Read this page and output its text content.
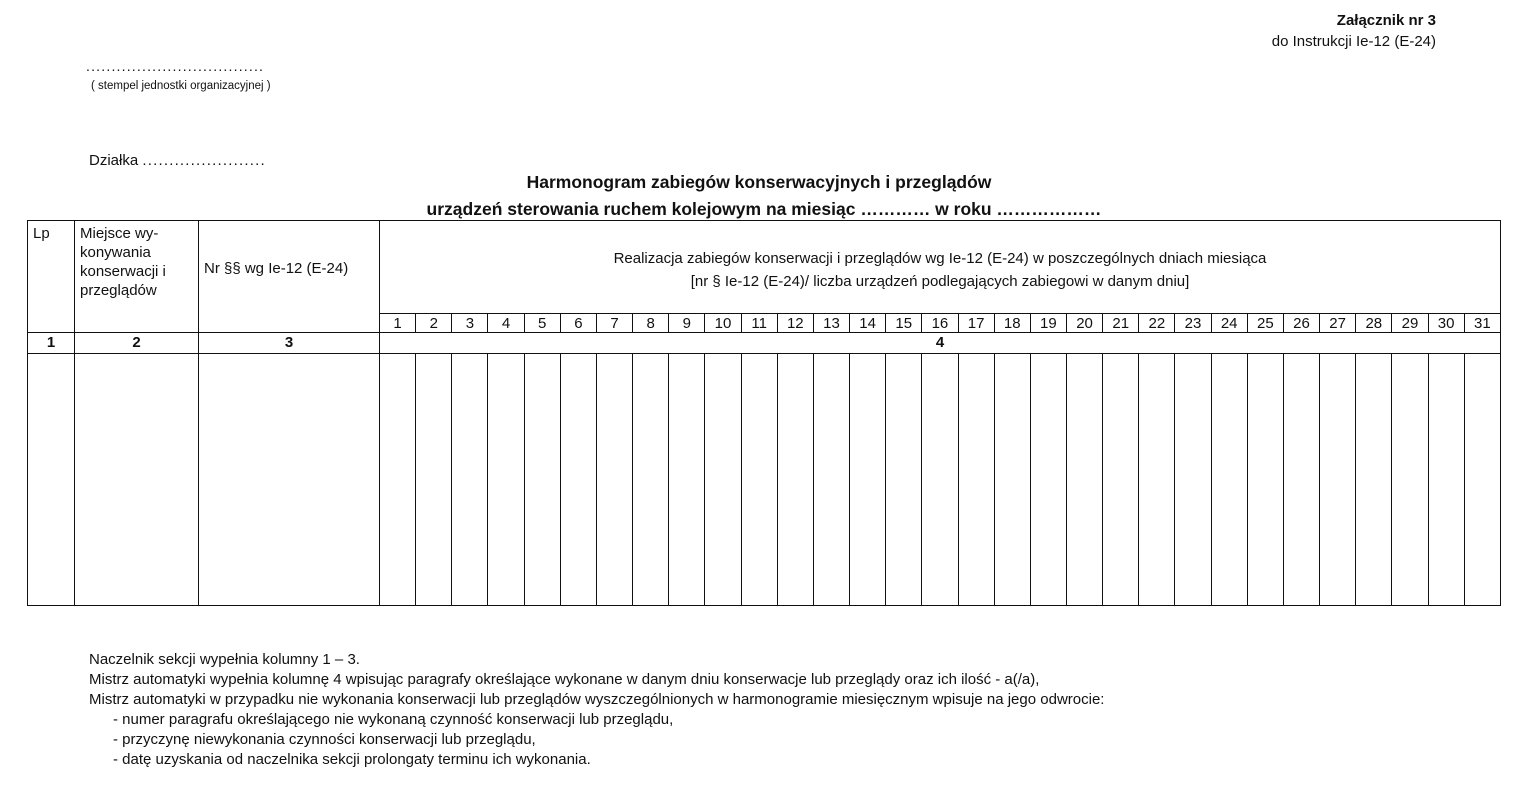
Załącznik nr 3
do Instrukcji Ie-12 (E-24)
...................................
( stempel jednostki organizacyjnej )
Działka .......................
Harmonogram zabiegów konserwacyjnych i przeglądów
urządzeń sterowania ruchem kolejowym na miesiąc ………… w roku ………………
Lp	Miejsce wy-konywania konserwacji i przeglądów	Nr §§ wg Ie-12 (E-24)	Realizacja zabiegów konserwacji i przeglądów wg Ie-12 (E-24) w poszczególnych dniach miesiąca
[nr § Ie-12 (E-24)/ liczba urządzeń podlegających zabiegowi w danym dniu]																														

			1	2	3	4	5	6	7	8	9	10	11	12	13	14	15	16	17	18	19	20	21	22	23	24	25	26	27	28	29	30	31
1	2	3	4																														

Naczelnik sekcji wypełnia kolumny 1 – 3.
Mistrz automatyki wypełnia kolumnę 4 wpisując paragrafy określające wykonane w danym dniu konserwacje lub przeglądy oraz ich ilość - a(/a),
Mistrz automatyki w przypadku nie wykonania konserwacji lub przeglądów wyszczególnionych w harmonogramie miesięcznym wpisuje na jego odwrocie:
- numer paragrafu określającego nie wykonaną czynność konserwacji lub przeglądu,
- przyczynę niewykonania czynności konserwacji lub przeglądu,
- datę uzyskania od naczelnika sekcji prolongaty terminu ich wykonania.
